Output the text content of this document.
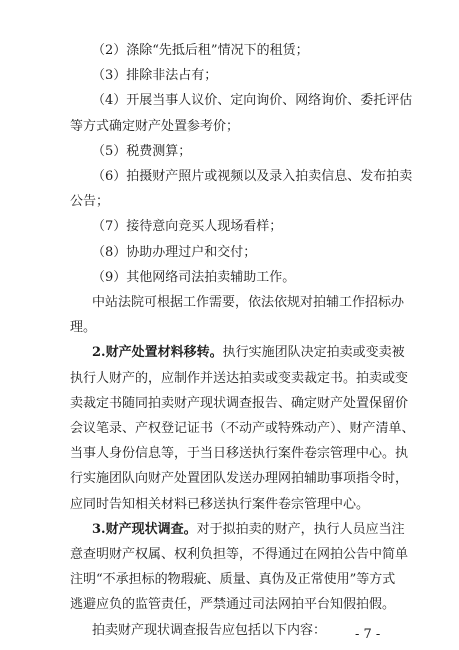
（2）涤除“先抵后租”情况下的租赁；
（3）排除非法占有；
（4）开展当事人议价、定向询价、网络询价、委托评估
等方式确定财产处置参考价；
（5）税费测算；
（6）拍摄财产照片或视频以及录入拍卖信息、发布拍卖
公告；
（7）接待意向竞买人现场看样；
（8）协助办理过户和交付；
（9）其他网络司法拍卖辅助工作。
中站法院可根据工作需要，依法依规对拍辅工作招标办
理。
2.财产处置材料移转。执行实施团队决定拍卖或变卖被
执行人财产的，应制作并送达拍卖或变卖裁定书。拍卖或变
卖裁定书随同拍卖财产现状调查报告、确定财产处置保留价
会议笔录、产权登记证书（不动产或特殊动产）、财产清单、
当事人身份信息等，于当日移送执行案件卷宗管理中心。执
行实施团队向财产处置团队发送办理网拍辅助事项指令时，
应同时告知相关材料已移送执行案件卷宗管理中心。
3.财产现状调查。对于拟拍卖的财产，执行人员应当注
意查明财产权属、权利负担等，不得通过在网拍公告中简单
注明“不承担标的物瑕疵、质量、真伪及正常使用”等方式
逃避应负的监管责任，严禁通过司法网拍平台知假拍假。
拍卖财产现状调查报告应包括以下内容： - 7 -
